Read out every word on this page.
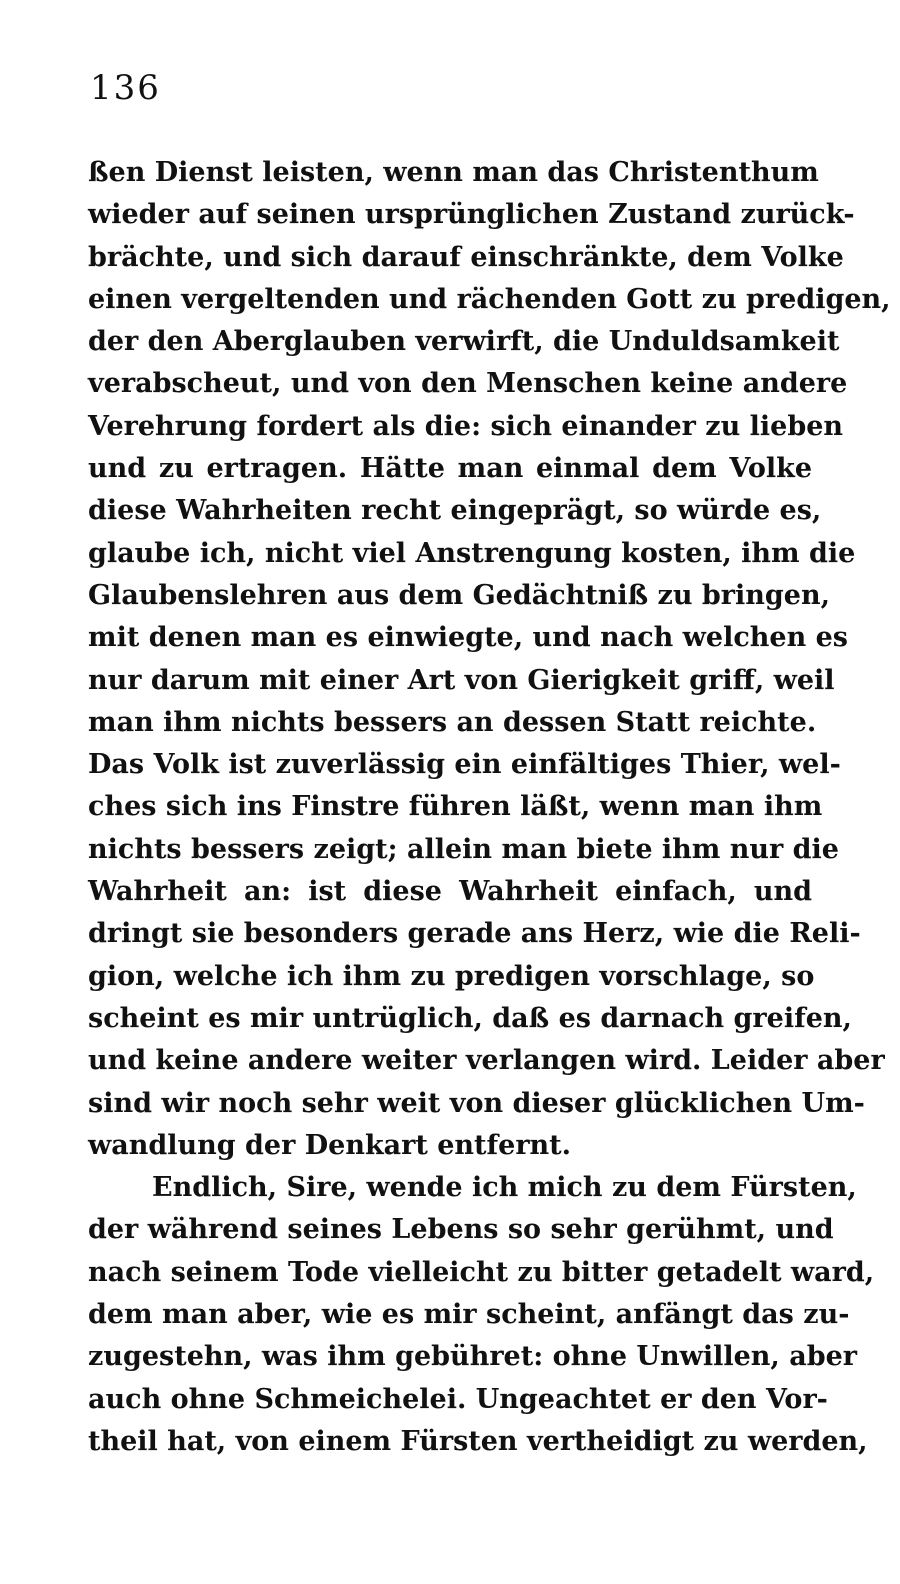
136
ßen Dienst leisten, wenn man das Christenthum
wieder auf seinen ursprünglichen Zustand zurück-
brächte, und sich darauf einschränkte, dem Volke
einen vergeltenden und rächenden Gott zu predigen,
der den Aberglauben verwirft, die Unduldsamkeit
verabscheut, und von den Menschen keine andere
Verehrung fordert als die: sich einander zu lieben
und zu ertragen. Hätte man einmal dem Volke
diese Wahrheiten recht eingeprägt, so würde es,
glaube ich, nicht viel Anstrengung kosten, ihm die
Glaubenslehren aus dem Gedächtniß zu bringen,
mit denen man es einwiegte, und nach welchen es
nur darum mit einer Art von Gierigkeit griff, weil
man ihm nichts bessers an dessen Statt reichte.
Das Volk ist zuverlässig ein einfältiges Thier, wel-
ches sich ins Finstre führen läßt, wenn man ihm
nichts bessers zeigt; allein man biete ihm nur die
Wahrheit an: ist diese Wahrheit einfach, und
dringt sie besonders gerade ans Herz, wie die Reli-
gion, welche ich ihm zu predigen vorschlage, so
scheint es mir untrüglich, daß es darnach greifen,
und keine andere weiter verlangen wird. Leider aber
sind wir noch sehr weit von dieser glücklichen Um-
wandlung der Denkart entfernt.
Endlich, Sire, wende ich mich zu dem Fürsten,
der während seines Lebens so sehr gerühmt, und
nach seinem Tode vielleicht zu bitter getadelt ward,
dem man aber, wie es mir scheint, anfängt das zu-
zugestehn, was ihm gebühret: ohne Unwillen, aber
auch ohne Schmeichelei. Ungeachtet er den Vor-
theil hat, von einem Fürsten vertheidigt zu werden,
